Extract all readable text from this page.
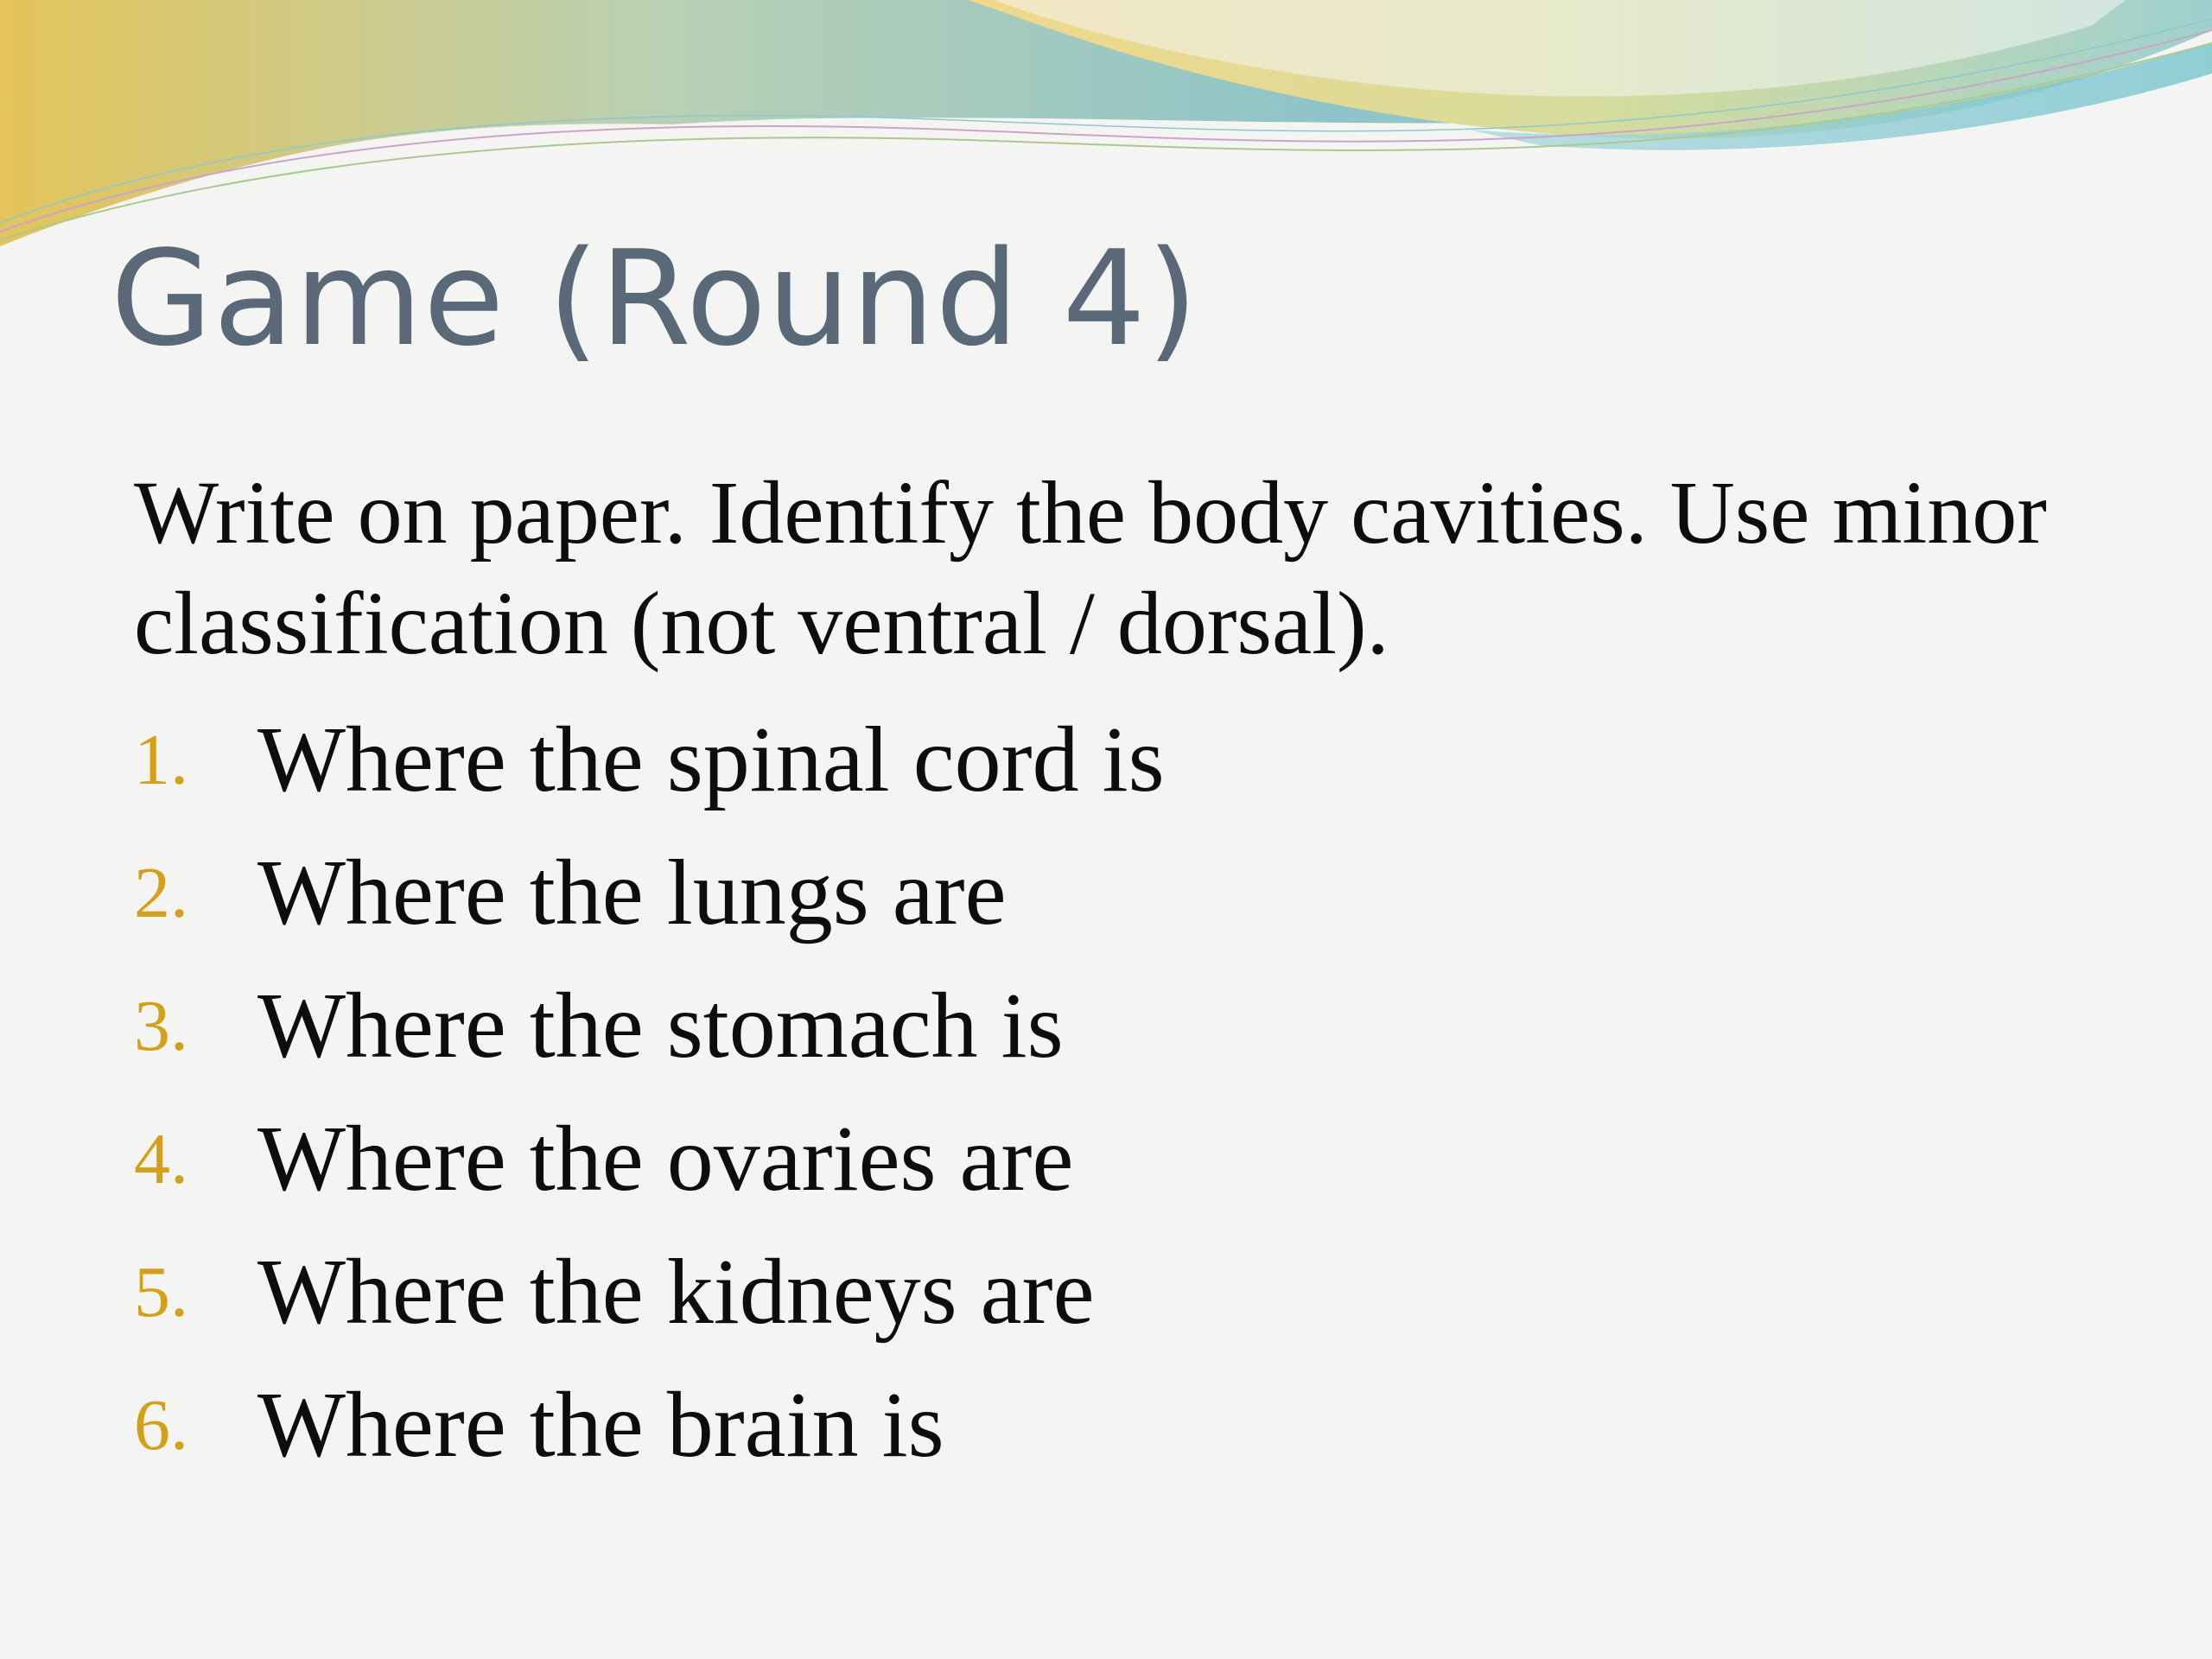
Game (Round 4)

Write on paper. Identify the body cavities. Use minor classification (not ventral / dorsal).

1. Where the spinal cord is
2. Where the lungs are
3. Where the stomach is
4. Where the ovaries are
5. Where the kidneys are
6. Where the brain is
